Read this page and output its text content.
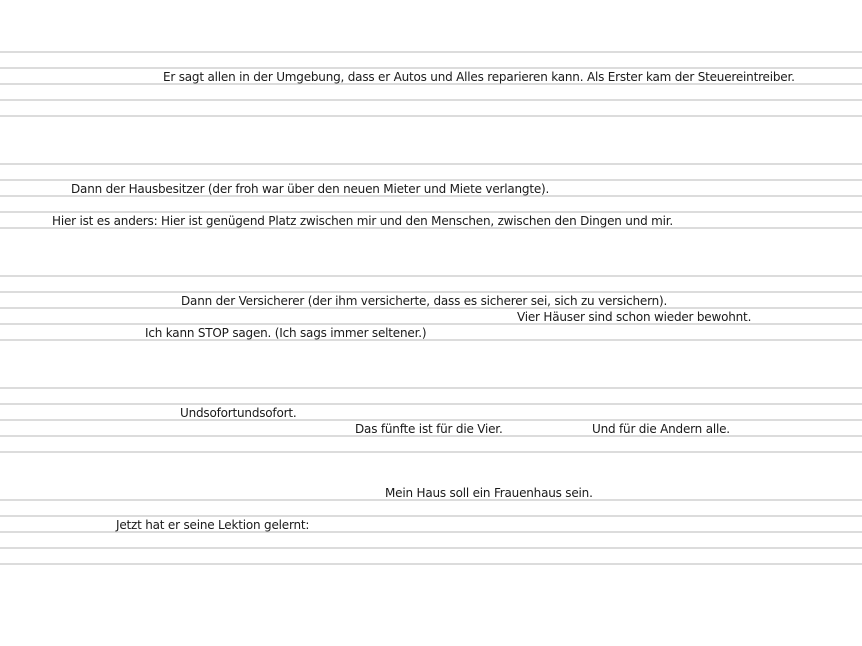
Er sagt allen in der Umgebung, dass er Autos und Alles reparieren kann. Als Erster kam der Steuereintreiber.
Dann der Hausbesitzer (der froh war über den neuen Mieter und Miete verlangte).
Hier ist es anders: Hier ist genügend Platz zwischen mir und den Menschen, zwischen den Dingen und mir.
Dann der Versicherer (der ihm versicherte, dass es sicherer sei, sich zu versichern).
Vier Häuser sind schon wieder bewohnt.
Ich kann STOP sagen. (Ich sags immer seltener.)
Undsofortundsofort.
Das fünfte ist für die Vier.	Und für die Andern alle.
Mein Haus soll ein Frauenhaus sein.
Jetzt hat er seine Lektion gelernt:
